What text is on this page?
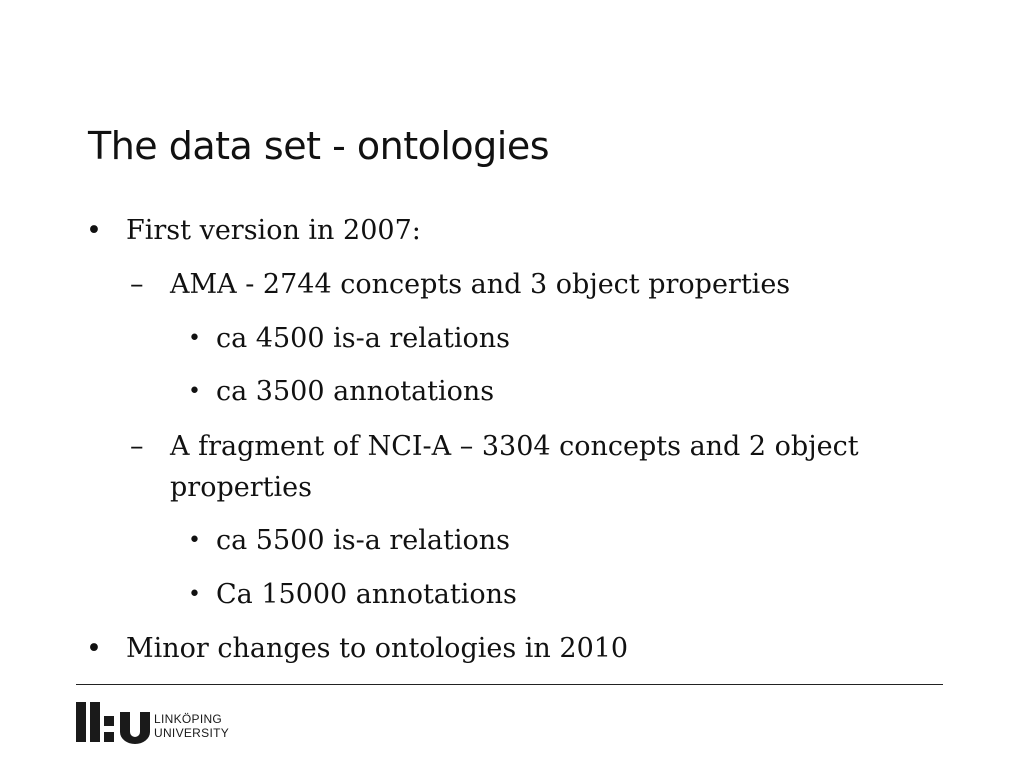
The data set - ontologies
• First version in 2007:
– AMA - 2744 concepts and 3 object properties
• ca 4500 is-a relations
• ca 3500 annotations
– A fragment of NCI-A – 3304 concepts and 2 object
properties
• ca 5500 is-a relations
• Ca 15000 annotations
• Minor changes to ontologies in 2010
LINKÖPING
UNIVERSITY
